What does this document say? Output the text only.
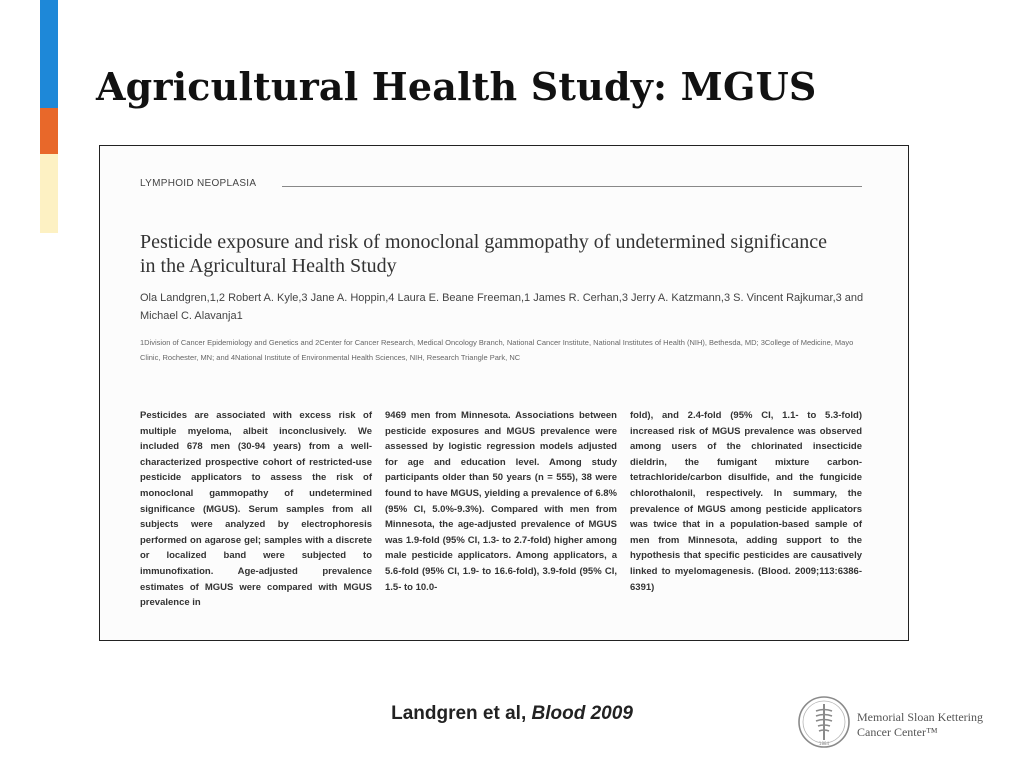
Agricultural Health Study: MGUS
LYMPHOID NEOPLASIA
Pesticide exposure and risk of monoclonal gammopathy of undetermined significance in the Agricultural Health Study
Ola Landgren,1,2 Robert A. Kyle,3 Jane A. Hoppin,4 Laura E. Beane Freeman,1 James R. Cerhan,3 Jerry A. Katzmann,3 S. Vincent Rajkumar,3 and Michael C. Alavanja1
1Division of Cancer Epidemiology and Genetics and 2Center for Cancer Research, Medical Oncology Branch, National Cancer Institute, National Institutes of Health (NIH), Bethesda, MD; 3College of Medicine, Mayo Clinic, Rochester, MN; and 4National Institute of Environmental Health Sciences, NIH, Research Triangle Park, NC
Pesticides are associated with excess risk of multiple myeloma, albeit inconclusively. We included 678 men (30-94 years) from a well-characterized prospective cohort of restricted-use pesticide applicators to assess the risk of monoclonal gammopathy of undetermined significance (MGUS). Serum samples from all subjects were analyzed by electrophoresis performed on agarose gel; samples with a discrete or localized band were subjected to immunofixation. Age-adjusted prevalence estimates of MGUS were compared with MGUS prevalence in
9469 men from Minnesota. Associations between pesticide exposures and MGUS prevalence were assessed by logistic regression models adjusted for age and education level. Among study participants older than 50 years (n = 555), 38 were found to have MGUS, yielding a prevalence of 6.8% (95% CI, 5.0%-9.3%). Compared with men from Minnesota, the age-adjusted prevalence of MGUS was 1.9-fold (95% CI, 1.3- to 2.7-fold) higher among male pesticide applicators. Among applicators, a 5.6-fold (95% CI, 1.9- to 16.6-fold), 3.9-fold (95% CI, 1.5- to 10.0-
fold), and 2.4-fold (95% CI, 1.1- to 5.3-fold) increased risk of MGUS prevalence was observed among users of the chlorinated insecticide dieldrin, the fumigant mixture carbon-tetrachloride/carbon disulfide, and the fungicide chlorothalonil, respectively. In summary, the prevalence of MGUS among pesticide applicators was twice that in a population-based sample of men from Minnesota, adding support to the hypothesis that specific pesticides are causatively linked to myelomagenesis. (Blood. 2009;113:6386-6391)
Landgren et al, Blood 2009
1884
Memorial Sloan Kettering
Cancer Center™
